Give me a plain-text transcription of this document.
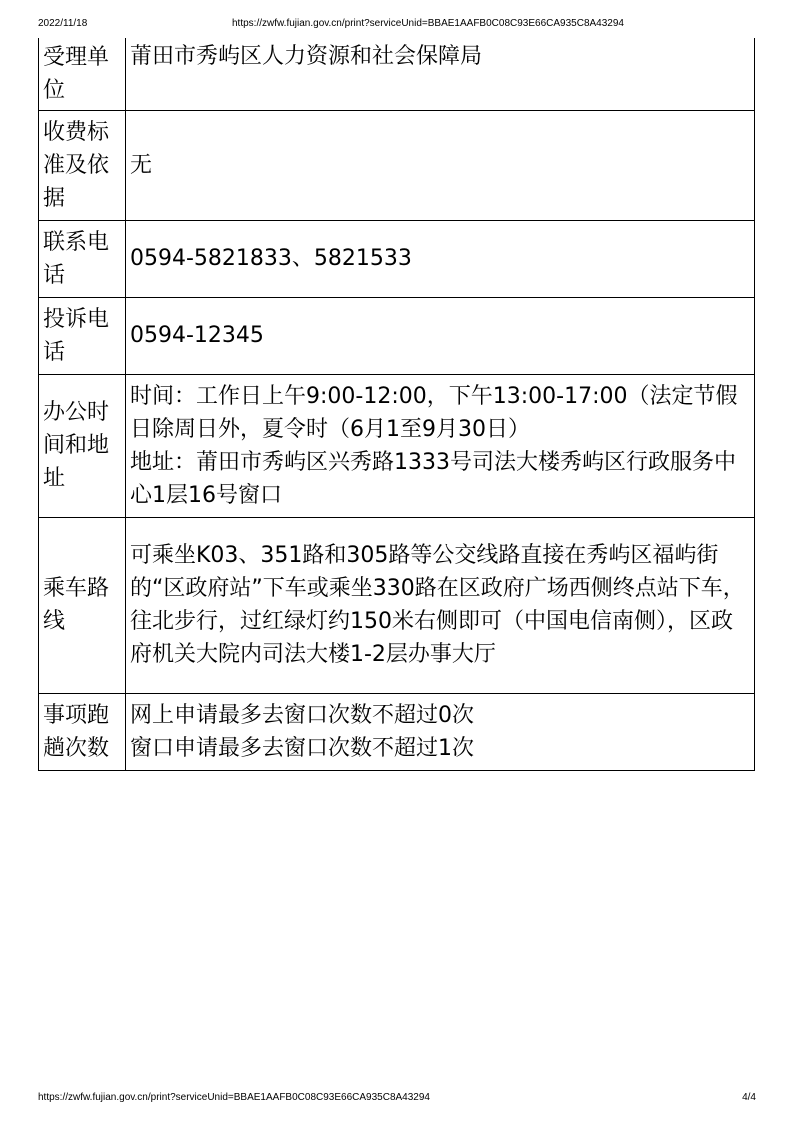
2022/11/18	https://zwfw.fujian.gov.cn/print?serviceUnid=BBAE1AAFB0C08C93E66CA935C8A43294
受理单位	莆田市秀屿区人力资源和社会保障局

收费标准及依据	无

联系电话	0594-5821833、5821533

投诉电话	0594-12345

办公时间和地址	时间：工作日上午9:00-12:00，下午13:00-17:00（法定节假日除周日外，夏令时（6月1至9月30日）
地址：莆田市秀屿区兴秀路1333号司法大楼秀屿区行政服务中心1层16号窗口

乘车路线	可乘坐K03、351路和305路等公交线路直接在秀屿区福屿街的“区政府站”下车或乘坐330路在区政府广场西侧终点站下车，往北步行，过红绿灯约150米右侧即可（中国电信南侧），区政府机关大院内司法大楼1-2层办事大厅

事项跑趟次数	网上申请最多去窗口次数不超过0次
窗口申请最多去窗口次数不超过1次
https://zwfw.fujian.gov.cn/print?serviceUnid=BBAE1AAFB0C08C93E66CA935C8A43294	4/4
